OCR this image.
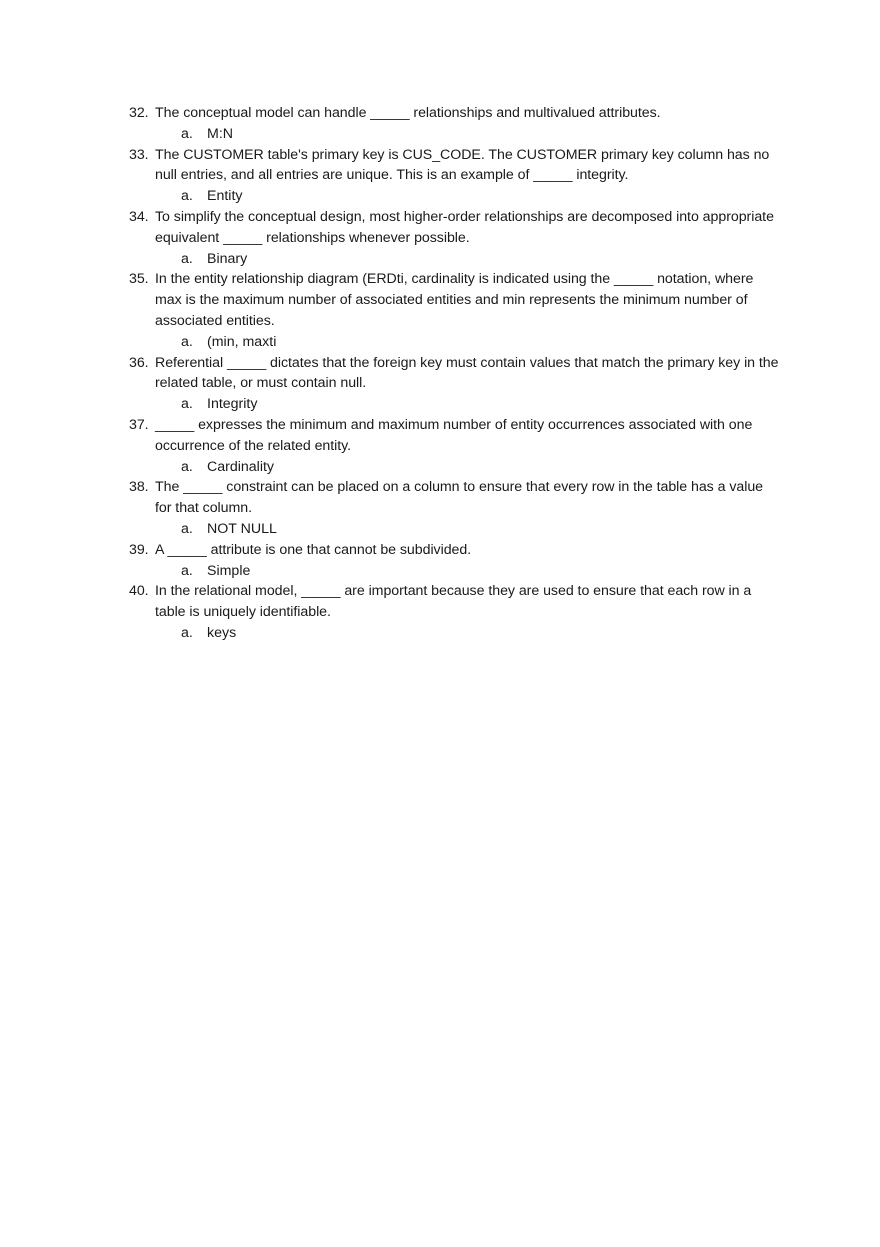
32. The conceptual model can handle _____ relationships and multivalued attributes.
a. M:N
33. The CUSTOMER table's primary key is CUS_CODE. The CUSTOMER primary key column has no null entries, and all entries are unique. This is an example of _____ integrity.
a. Entity
34. To simplify the conceptual design, most higher-order relationships are decomposed into appropriate equivalent _____ relationships whenever possible.
a. Binary
35. In the entity relationship diagram (ERDti, cardinality is indicated using the _____ notation, where max is the maximum number of associated entities and min represents the minimum number of associated entities.
a. (min, maxti
36. Referential _____ dictates that the foreign key must contain values that match the primary key in the related table, or must contain null.
a. Integrity
37. _____ expresses the minimum and maximum number of entity occurrences associated with one occurrence of the related entity.
a. Cardinality
38. The _____ constraint can be placed on a column to ensure that every row in the table has a value for that column.
a. NOT NULL
39. A _____ attribute is one that cannot be subdivided.
a. Simple
40. In the relational model, _____ are important because they are used to ensure that each row in a table is uniquely identifiable.
a. keys
